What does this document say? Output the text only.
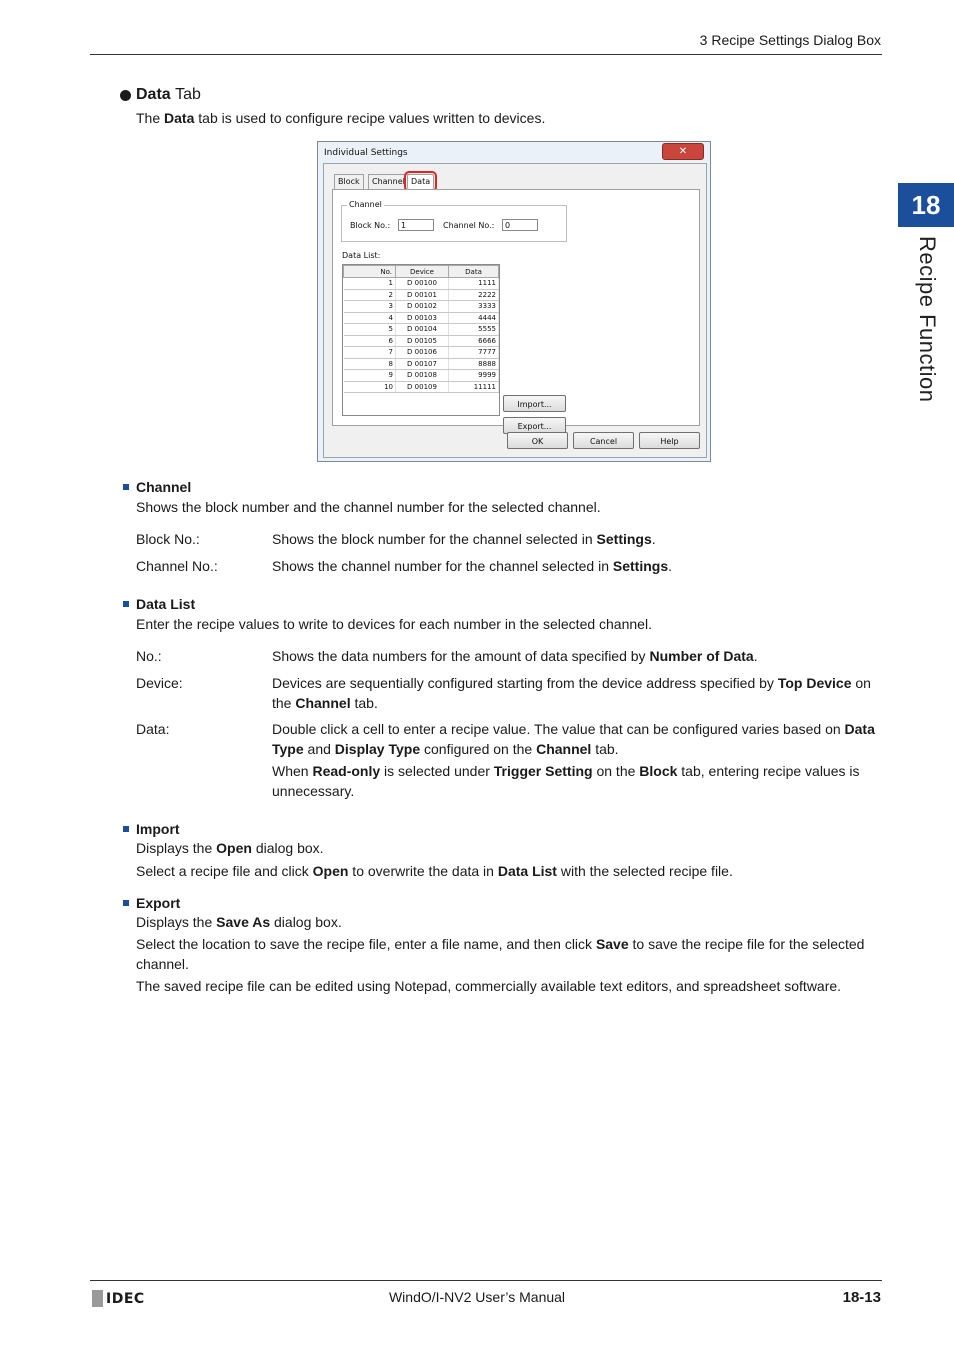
3 Recipe Settings Dialog Box
18
Recipe Function
Data
Tab
The Data tab is used to configure recipe values written to devices.
Individual Settings	✕
Block	Channel Data
Channel
Block No.:	1	Channel No.:	0
Data List:
No.	Device	Data
1	D 00100	1111
2	D 00101	2222
3	D 00102	3333
4	D 00103	4444
5	D 00104	5555
6	D 00105	6666
7	D 00106	7777
8	D 00107	8888
9	D 00108	9999
10	D 00109	11111
Import...
Export...
OK	Cancel	Help
Channel
Shows the block number and the channel number for the selected channel.
Block No.:	Shows the block number for the channel selected in Settings.
Channel No.:	Shows the channel number for the channel selected in Settings.
Data List
Enter the recipe values to write to devices for each number in the selected channel.
No.:	Shows the data numbers for the amount of data specified by Number of Data.
Device:	Devices are sequentially configured starting from the device address specified by Top Device on the Channel tab.
Data:	Double click a cell to enter a recipe value. The value that can be configured varies based on Data Type and Display Type configured on the Channel tab.
When Read-only is selected under Trigger Setting on the Block tab, entering recipe values is unnecessary.
Import
Displays the Open dialog box.
Select a recipe file and click Open to overwrite the data in Data List with the selected recipe file.
Export
Displays the Save As dialog box.
Select the location to save the recipe file, enter a file name, and then click Save to save the recipe file for the selected channel.
The saved recipe file can be edited using Notepad, commercially available text editors, and spreadsheet software.
IDEC	WindO/I-NV2 User’s Manual	18-13
